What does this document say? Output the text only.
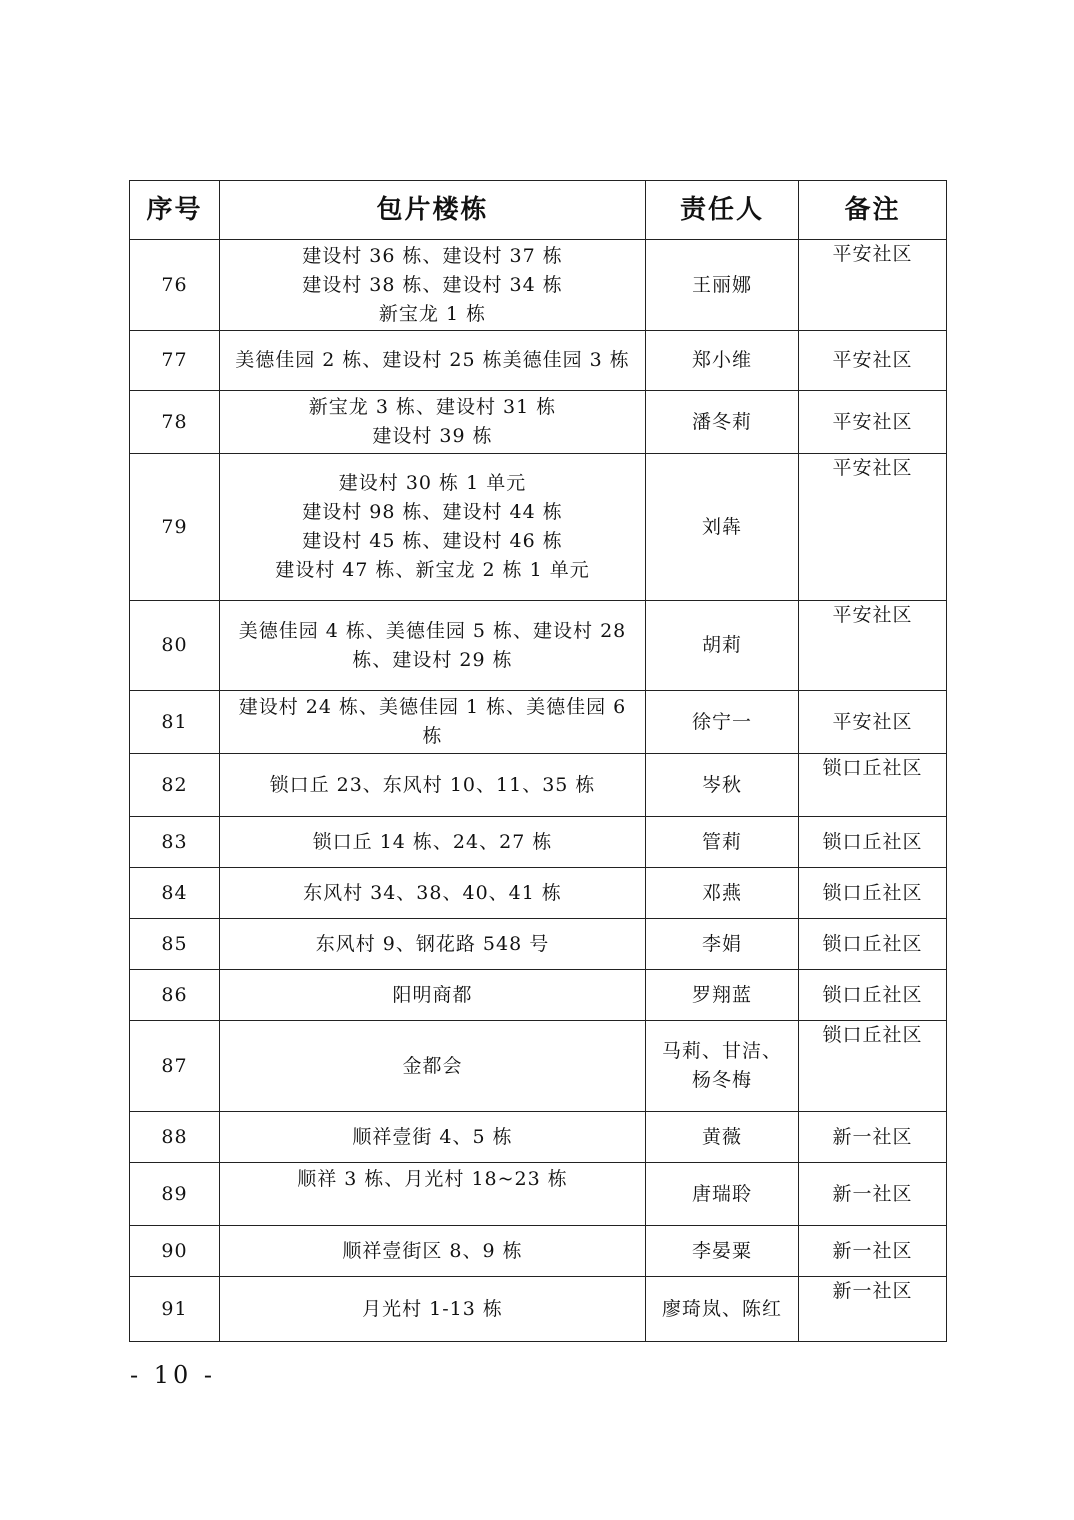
序号	包片楼栋	责任人	备注
76	建设村 36 栋、建设村 37 栋
建设村 38 栋、建设村 34 栋
新宝龙 1 栋	王丽娜	平安社区
77	美德佳园 2 栋、建设村 25 栋美德佳园 3 栋	郑小维	平安社区
78	新宝龙 3 栋、建设村 31 栋
建设村 39 栋	潘冬莉	平安社区
79	建设村 30 栋 1 单元
建设村 98 栋、建设村 44 栋
建设村 45 栋、建设村 46 栋
建设村 47 栋、新宝龙 2 栋 1 单元	刘犇	平安社区
80	美德佳园 4 栋、美德佳园 5 栋、建设村 28
栋、建设村 29 栋	胡莉	平安社区
81	建设村 24 栋、美德佳园 1 栋、美德佳园 6
栋	徐宁一	平安社区
82	锁口丘 23、东风村 10、11、35 栋	岑秋	锁口丘社区
83	锁口丘 14 栋、24、27 栋	管莉	锁口丘社区
84	东风村 34、38、40、41 栋	邓燕	锁口丘社区
85	东风村 9、钢花路 548 号	李娟	锁口丘社区
86	阳明商都	罗翔蓝	锁口丘社区
87	金都会	马莉、甘洁、
杨冬梅	锁口丘社区
88	顺祥壹街 4、5 栋	黄薇	新一社区
89	顺祥 3 栋、月光村 18~23 栋	唐瑞聆	新一社区
90	顺祥壹街区 8、9 栋	李晏粟	新一社区
91	月光村 1-13 栋	廖琦岚、陈红	新一社区
- 10 -
